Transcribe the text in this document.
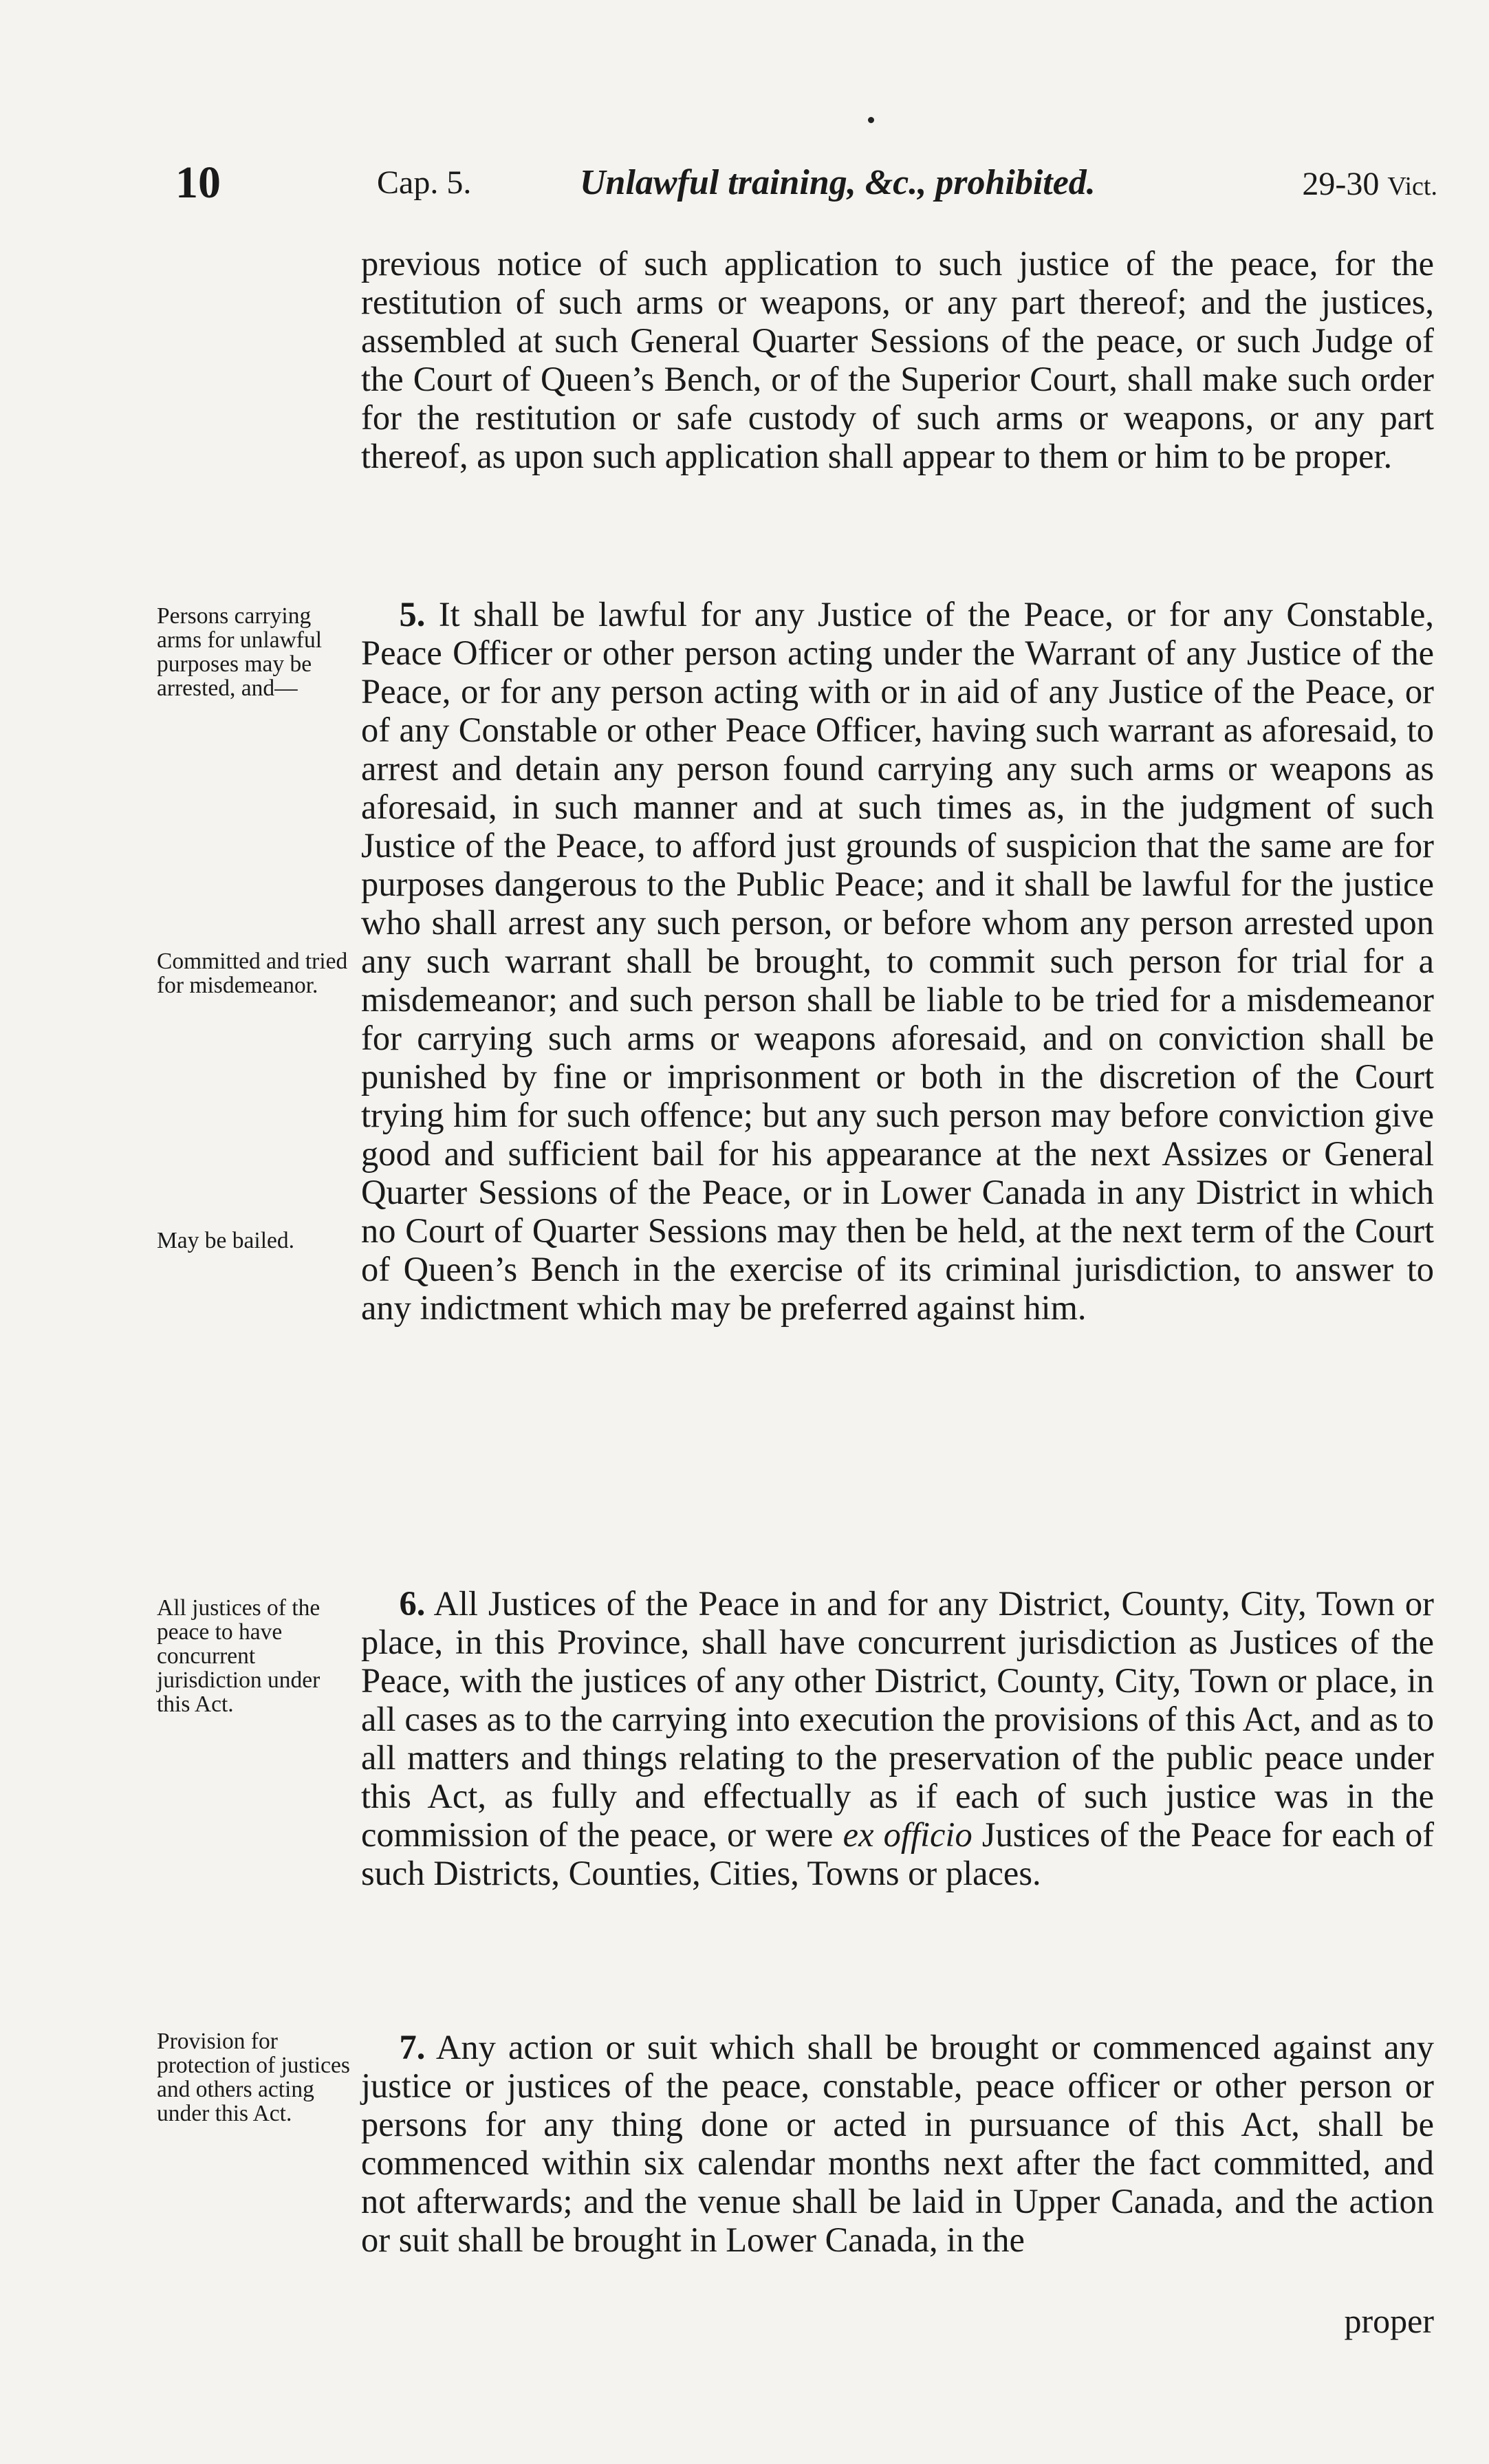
10	Cap. 5.	Unlawful training, &c., prohibited.	29-30 Vict.

previous notice of such application to such justice of the peace, for the restitution of such arms or weapons, or any part thereof; and the justices, assembled at such General Quarter Sessions of the peace, or such Judge of the Court of Queen’s Bench, or of the Superior Court, shall make such order for the restitution or safe custody of such arms or weapons, or any part thereof, as upon such application shall appear to them or him to be proper.

Persons carrying arms for unlawful purposes may be arrested, and—

Committed and tried for misdemeanor.

May be bailed.

5. It shall be lawful for any Justice of the Peace, or for any Constable, Peace Officer or other person acting under the Warrant of any Justice of the Peace, or for any person acting with or in aid of any Justice of the Peace, or of any Constable or other Peace Officer, having such warrant as aforesaid, to arrest and detain any person found carrying any such arms or weapons as aforesaid, in such manner and at such times as, in the judgment of such Justice of the Peace, to afford just grounds of suspicion that the same are for purposes dangerous to the Public Peace; and it shall be lawful for the justice who shall arrest any such person, or before whom any person arrested upon any such warrant shall be brought, to commit such person for trial for a misdemeanor; and such person shall be liable to be tried for a misdemeanor for carrying such arms or weapons aforesaid, and on conviction shall be punished by fine or imprisonment or both in the discretion of the Court trying him for such offence; but any such person may before conviction give good and sufficient bail for his appearance at the next Assizes or General Quarter Sessions of the Peace, or in Lower Canada in any District in which no Court of Quarter Sessions may then be held, at the next term of the Court of Queen’s Bench in the exercise of its criminal jurisdiction, to answer to any indictment which may be preferred against him.

All justices of the peace to have concurrent jurisdiction under this Act.

6. All Justices of the Peace in and for any District, County, City, Town or place, in this Province, shall have concurrent jurisdiction as Justices of the Peace, with the justices of any other District, County, City, Town or place, in all cases as to the carrying into execution the provisions of this Act, and as to all matters and things relating to the preservation of the public peace under this Act, as fully and effectually as if each of such justice was in the commission of the peace, or were ex officio Justices of the Peace for each of such Districts, Counties, Cities, Towns or places.

Provision for protection of justices and others acting under this Act.

7. Any action or suit which shall be brought or commenced against any justice or justices of the peace, constable, peace officer or other person or persons for any thing done or acted in pursuance of this Act, shall be commenced within six calendar months next after the fact committed, and not afterwards; and the venue shall be laid in Upper Canada, and the action or suit shall be brought in Lower Canada, in the

proper
